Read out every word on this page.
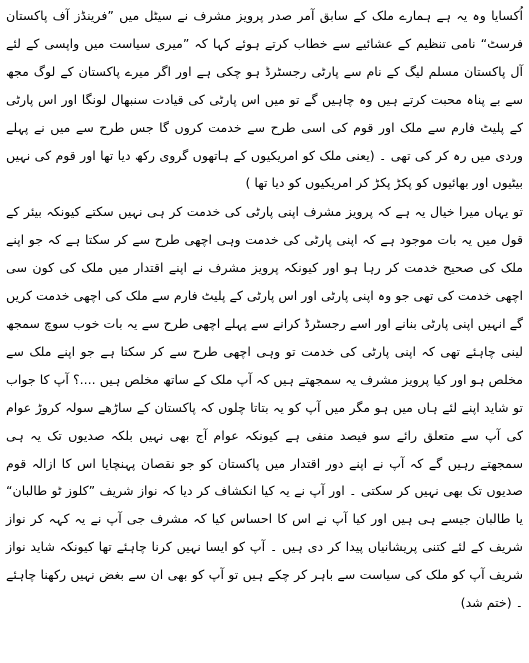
اُکسایا وہ یہ ہے ہمارے ملک کے سابق آمر صدر پرویز مشرف نے سیٹل میں ”فرینڈز آف پاکستان فرسٹ“ نامی تنظیم کے عشائیے سے خطاب کرتے ہوئے کہا کہ ”میری سیاست میں واپسی کے لئے آل پاکستان مسلم لیگ کے نام سے پارٹی رجسٹرڈ ہو چکی ہے اور اگر میرے پاکستان کے لوگ مجھ سے بے پناہ محبت کرتے ہیں وہ چاہیں گے تو میں اس پارٹی کی قیادت سنبھال لونگا اور اس پارٹی کے پلیٹ فارم سے ملک اور قوم کی اسی طرح سے خدمت کروں گا جس طرح سے میں نے پہلے وردی میں رہ کر کی تھی ۔ (یعنی ملک کو امریکیوں کے ہاتھوں گروی رکھ دیا تھا اور قوم کی نہیں بیٹیوں اور بھائیوں کو پکڑ پکڑ کر امریکیوں کو دیا تھا )

تو یہاں میرا خیال یہ ہے کہ پرویز مشرف اپنی پارٹی کی خدمت کر ہی نہیں سکتے کیونکہ بیئر کے قول میں یہ بات موجود ہے کہ اپنی پارٹی کی خدمت وہی اچھی طرح سے کر سکتا ہے کہ جو اپنے ملک کی صحیح خدمت کر رہا ہو اور کیونکہ پرویز مشرف نے اپنے اقتدار میں ملک کی کون سی اچھی خدمت کی تھی جو وہ اپنی پارٹی اور اس پارٹی کے پلیٹ فارم سے ملک کی اچھی خدمت کریں گے انہیں اپنی پارٹی بنانے اور اسے رجسٹرڈ کرانے سے پہلے اچھی طرح سے یہ بات خوب سوچ سمجھ لینی چاہئے تھی کہ اپنی پارٹی کی خدمت تو وہی اچھی طرح سے کر سکتا ہے جو اپنے ملک سے مخلص ہو اور کیا پرویز مشرف یہ سمجھتے ہیں کہ آپ ملک کے ساتھ مخلص ہیں ....؟ آپ کا جواب تو شاید اپنے لئے ہاں میں ہو مگر میں آپ کو یہ بتاتا چلوں کہ پاکستان کے ساڑھے سولہ کروڑ عوام کی آپ سے متعلق رائے سو فیصد منفی ہے کیونکہ عوام آج بھی نہیں بلکہ صدیوں تک یہ ہی سمجھتے رہیں گے کہ آپ نے اپنے دور اقتدار میں پاکستان کو جو نقصان پہنچایا اس کا ازالہ قوم صدیوں تک بھی نہیں کر سکتی ۔ اور آپ نے یہ کیا انکشاف کر دیا کہ نواز شریف ”کلوز ٹو طالبان“ یا طالبان جیسے ہی ہیں اور کیا آپ نے اس کا احساس کیا کہ مشرف جی آپ نے یہ کہہ کر نواز شریف کے لئے کتنی پریشانیاں پیدا کر دی ہیں ۔ آپ کو ایسا نہیں کرنا چاہئے تھا کیونکہ شاید نواز شریف آپ کو ملک کی سیاست سے باہر کر چکے ہیں تو آپ کو بھی ان سے بغض نہیں رکھنا چاہئے ۔ (ختم شد)
